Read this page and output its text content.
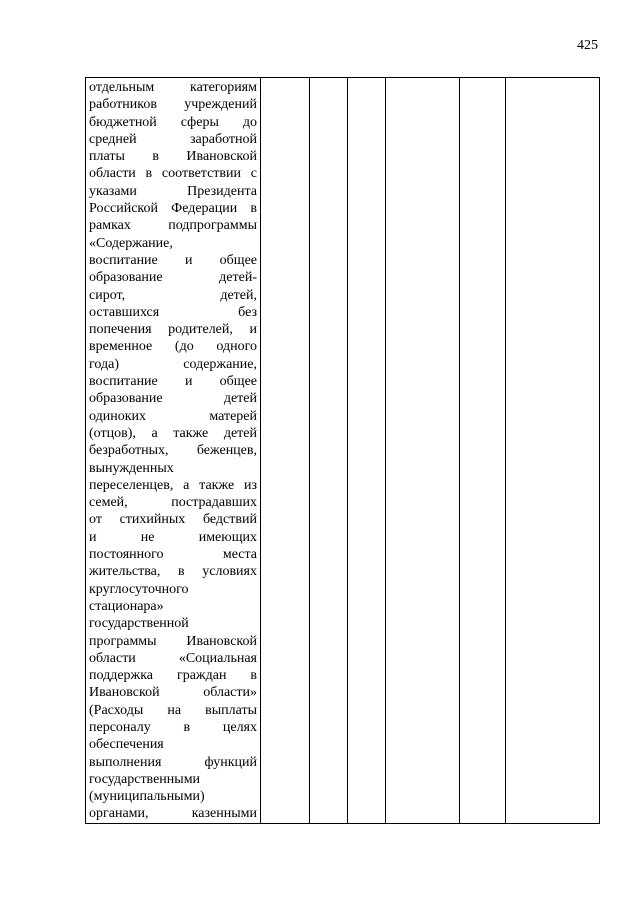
425
отдельным категориям
работников учреждений
бюджетной сферы до
средней заработной
платы в Ивановской
области в соответствии с
указами Президента
Российской Федерации в
рамках подпрограммы
«Содержание,
воспитание и общее
образование детей-
сирот, детей,
оставшихся без
попечения родителей, и
временное (до одного
года) содержание,
воспитание и общее
образование детей
одиноких матерей
(отцов), а также детей
безработных, беженцев,
вынужденных
переселенцев, а также из
семей, пострадавших
от стихийных бедствий
и не имеющих
постоянного места
жительства, в условиях
круглосуточного
стационара»
государственной
программы Ивановской
области «Социальная
поддержка граждан в
Ивановской области»
(Расходы на выплаты
персоналу в целях
обеспечения
выполнения функций
государственными
(муниципальными)
органами, казенными
